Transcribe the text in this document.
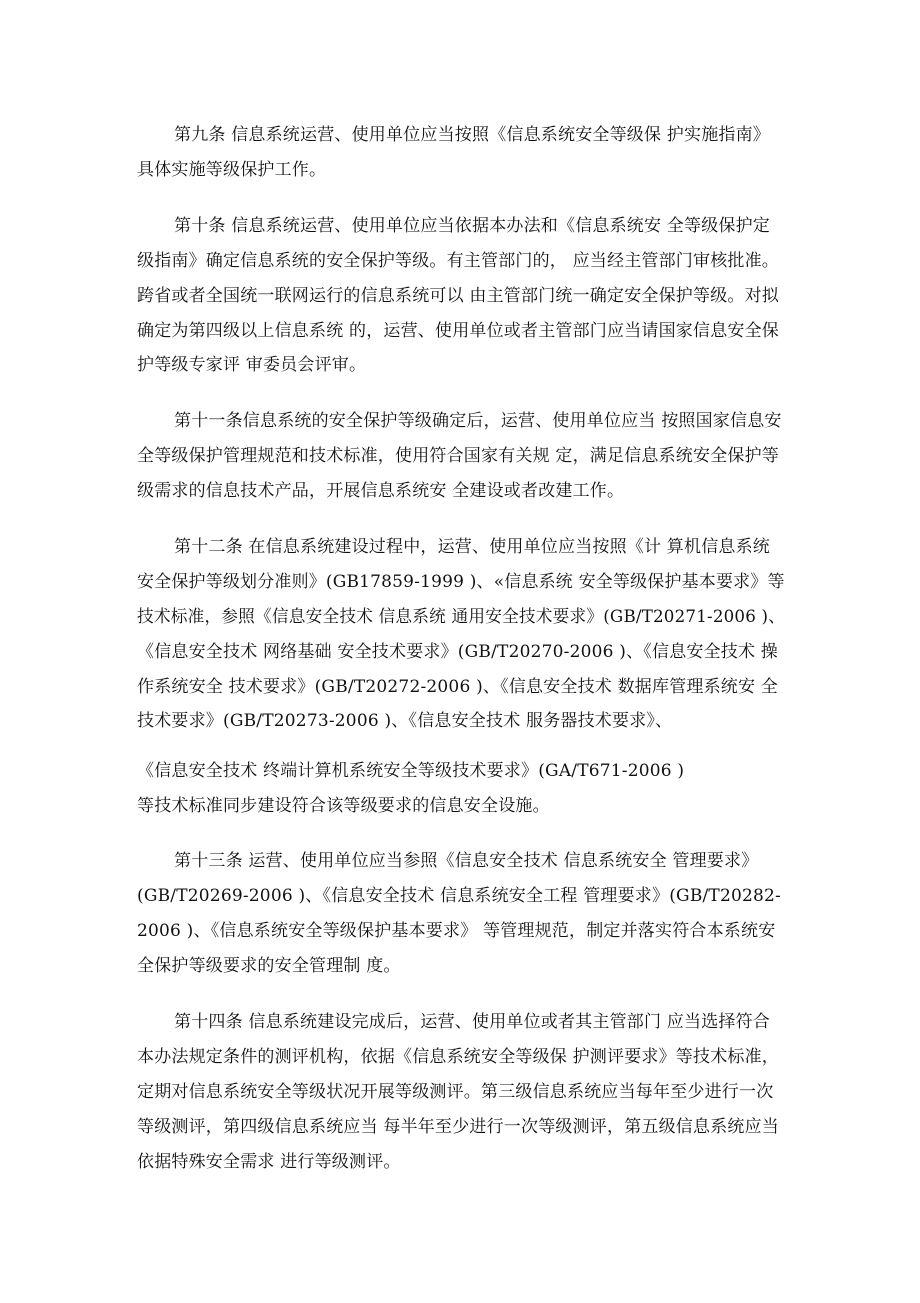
第九条 信息系统运营、使用单位应当按照《信息系统安全等级保 护实施指南》
具体实施等级保护工作。
第十条 信息系统运营、使用单位应当依据本办法和《信息系统安 全等级保护定
级指南》确定信息系统的安全保护等级。有主管部门的， 应当经主管部门审核批准。
跨省或者全国统一联网运行的信息系统可以 由主管部门统一确定安全保护等级。对拟
确定为第四级以上信息系统 的，运营、使用单位或者主管部门应当请国家信息安全保
护等级专家评 审委员会评审。
第十一条信息系统的安全保护等级确定后，运营、使用单位应当 按照国家信息安
全等级保护管理规范和技术标准，使用符合国家有关规 定，满足信息系统安全保护等
级需求的信息技术产品，开展信息系统安 全建设或者改建工作。
第十二条 在信息系统建设过程中，运营、使用单位应当按照《计 算机信息系统
安全保护等级划分准则》(GB17859-1999 )、«信息系统 安全等级保护基本要求》等
技术标准，参照《信息安全技术 信息系统 通用安全技术要求》(GB/T20271-2006 )、
《信息安全技术 网络基础 安全技术要求》(GB/T20270-2006 )、《信息安全技术 操
作系统安全 技术要求》(GB/T20272-2006 )、《信息安全技术 数据库管理系统安 全
技术要求》(GB/T20273-2006 )、《信息安全技术 服务器技术要求》、
《信息安全技术 终端计算机系统安全等级技术要求》(GA/T671-2006 )
等技术标准同步建设符合该等级要求的信息安全设施。
第十三条 运营、使用单位应当参照《信息安全技术 信息系统安全 管理要求》
(GB/T20269-2006 )、《信息安全技术 信息系统安全工程 管理要求》(GB/T20282-
2006 )、《信息系统安全等级保护基本要求》 等管理规范，制定并落实符合本系统安
全保护等级要求的安全管理制 度。
第十四条 信息系统建设完成后，运营、使用单位或者其主管部门 应当选择符合
本办法规定条件的测评机构，依据《信息系统安全等级保 护测评要求》等技术标准，
定期对信息系统安全等级状况开展等级测评。第三级信息系统应当每年至少进行一次
等级测评，第四级信息系统应当 每半年至少进行一次等级测评，第五级信息系统应当
依据特殊安全需求 进行等级测评。
